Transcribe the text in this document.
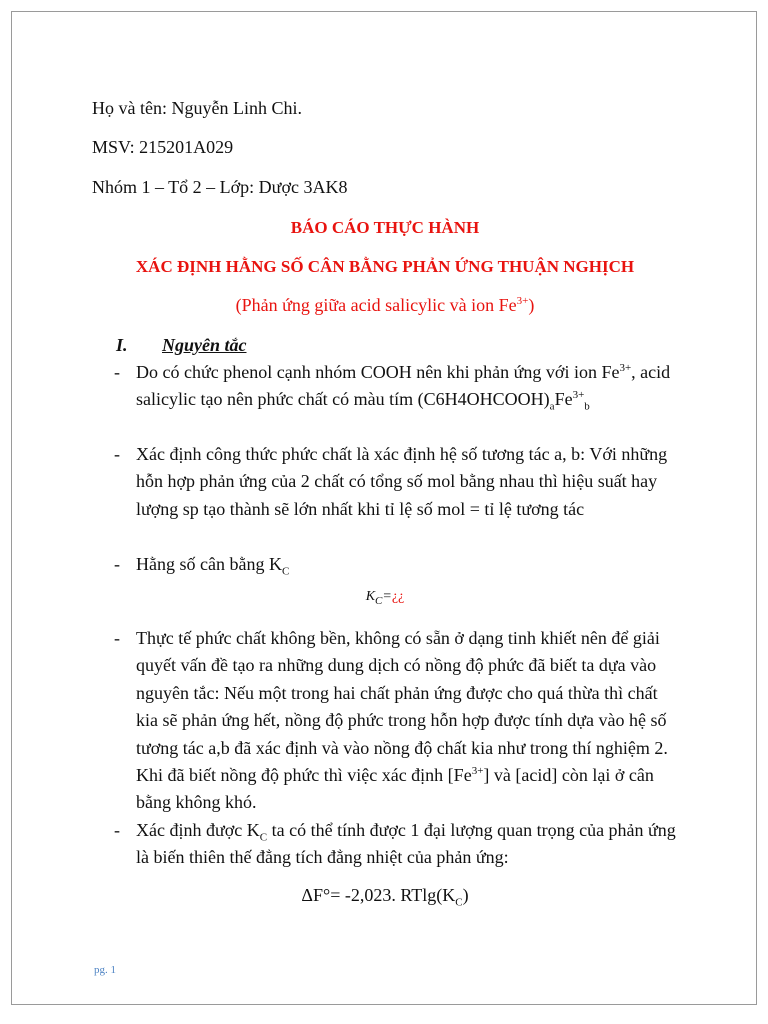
Họ và tên: Nguyễn Linh Chi.
MSV: 215201A029
Nhóm 1 – Tổ 2 – Lớp: Dược 3AK8
BÁO CÁO THỰC HÀNH
XÁC ĐỊNH HẰNG SỐ CÂN BẰNG PHẢN ỨNG THUẬN NGHỊCH
(Phản ứng giữa acid salicylic và ion $Fe^{3+}$)
I. Nguyên tắc
- Do có chức phenol cạnh nhóm COOH nên khi phản ứng với ion $Fe^{3+}$, acid salicylic tạo nên phức chất có màu tím $(C6H4OHCOOH)_aFe^{3+}_b$
- Xác định công thức phức chất là xác định hệ số tương tác a, b: Với những hỗn hợp phản ứng của 2 chất có tổng số mol bằng nhau thì hiệu suất hay lượng sp tạo thành sẽ lớn nhất khi tỉ lệ số mol = tỉ lệ tương tác
- Hằng số cân bằng $K_C$
$K_C=¿¿$
- Thực tế phức chất không bền, không có sẵn ở dạng tinh khiết nên để giải quyết vấn đề tạo ra những dung dịch có nồng độ phức đã biết ta dựa vào nguyên tắc: Nếu một trong hai chất phản ứng được cho quá thừa thì chất kia sẽ phản ứng hết, nồng độ phức trong hỗn hợp được tính dựa vào hệ số tương tác a,b đã xác định và vào nồng độ chất kia như trong thí nghiệm 2. Khi đã biết nồng độ phức thì việc xác định $[Fe^{3+}]$ và [acid] còn lại ở cân bằng không khó.
- Xác định được $K_C$ ta có thể tính được 1 đại lượng quan trọng của phản ứng là biến thiên thế đẳng tích đẳng nhiệt của phản ứng:
ΔF°= -2,023. $RTlg(K_C)$
pg. 1
